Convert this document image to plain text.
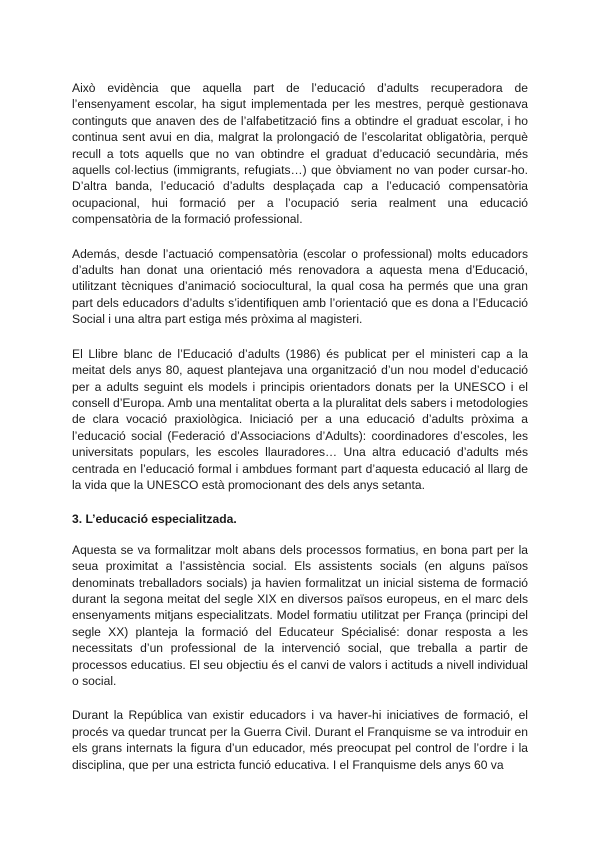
Això evidència que aquella part de l’educació d’adults recuperadora de l’ensenyament escolar, ha sigut implementada per les mestres, perquè gestionava continguts que anaven des de l’alfabetització fins a obtindre el graduat escolar, i ho continua sent avui en dia, malgrat la prolongació de l’escolaritat obligatòria, perquè recull a tots aquells que no van obtindre el graduat d’educació secundària, més aquells col·lectius (immigrants, refugiats…) que òbviament no van poder cursar-ho. D’altra banda, l’educació d’adults desplaçada cap a l’educació compensatòria ocupacional, hui formació per a l’ocupació seria realment una educació compensatòria de la formació professional.

Además, desde l’actuació compensatòria (escolar o professional) molts educadors d’adults han donat una orientació més renovadora a aquesta mena d’Educació, utilitzant tècniques d’animació sociocultural, la qual cosa ha permés que una gran part dels educadors d’adults s’identifiquen amb l’orientació que es dona a l’Educació Social i una altra part estiga més pròxima al magisteri.

El Llibre blanc de l’Educació d’adults (1986) és publicat per el ministeri cap a la meitat dels anys 80, aquest plantejava una organització d’un nou model d’educació per a adults seguint els models i principis orientadors donats per la UNESCO i el consell d’Europa. Amb una mentalitat oberta a la pluralitat dels sabers i metodologies de clara vocació praxiològica. Iniciació per a una educació d’adults pròxima a l’educació social (Federació d’Associacions d’Adults): coordinadores d’escoles, les universitats populars, les escoles llauradores… Una altra educació d’adults més centrada en l’educació formal i ambdues formant part d’aquesta educació al llarg de la vida que la UNESCO està promocionant des dels anys setanta.

3. L’educació especialitzada.

Aquesta se va formalitzar molt abans dels processos formatius, en bona part per la seua proximitat a l’assistència social. Els assistents socials (en alguns països denominats treballadors socials) ja havien formalitzat un inicial sistema de formació durant la segona meitat del segle XIX en diversos països europeus, en el marc dels ensenyaments mitjans especialitzats. Model formatiu utilitzat per França (principi del segle XX) planteja la formació del Educateur Spécialisé: donar resposta a les necessitats d’un professional de la intervenció social, que treballa a partir de processos educatius. El seu objectiu és el canvi de valors i actituds a nivell individual o social.

Durant la República van existir educadors i va haver-hi iniciatives de formació, el procés va quedar truncat per la Guerra Civil. Durant el Franquisme se va introduir en els grans internats la figura d’un educador, més preocupat pel control de l’ordre i la disciplina, que per una estricta funció educativa. I el Franquisme dels anys 60 va
